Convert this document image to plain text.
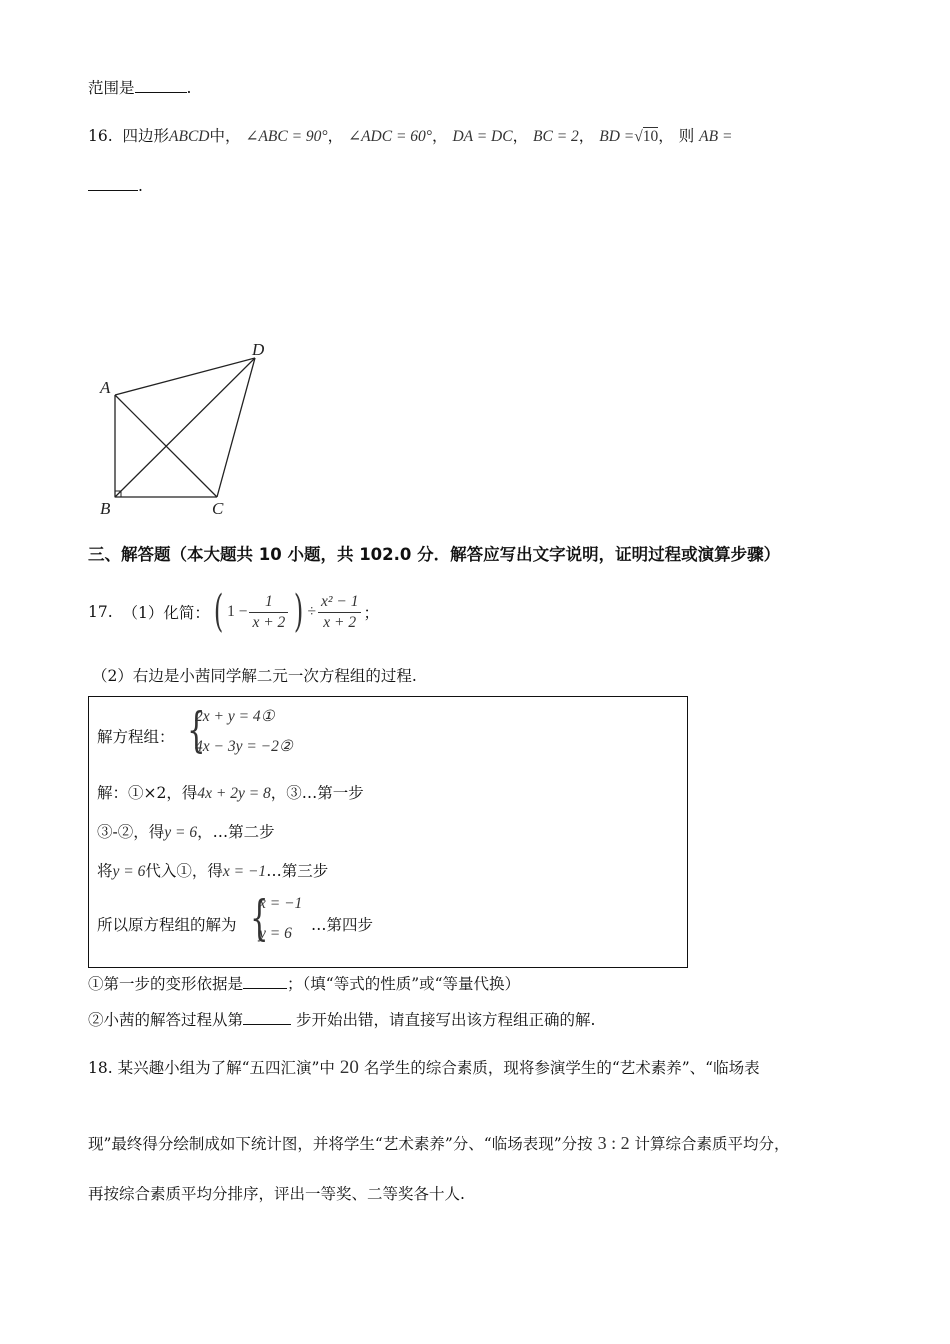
范围是	.
16. 四边形ABCD中， ∠ABC = 90°， ∠ADC = 60°， DA = DC， BC = 2， BD =√10， 则 AB =
.
A
B	C
D
三、解答题（本大题共 10 小题，共 102.0 分．解答应写出文字说明，证明过程或演算步骤）
17.
（1）化简： ( $1 - \frac{1}{x + 2}$ ) ÷ $\frac{\text{x² − 1}}{x + 2}$ ；
（2）右边是小茜同学解二元一次方程组的过程.
解方程组： {
2x + y = 4①
4x − 3y = −2②
解：①×2，得4x + 2y = 8，③…第一步
③-②，得y = 6，…第二步
将y = 6代入①，得x = −1…第三步
所以原方程组的解为 {
x = −1
y = 6 …第四步
①第一步的变形依据是	；（填“等式的性质”或“等量代换）
②小茜的解答过程从第	步开始出错，请直接写出该方程组正确的解.
18. 某兴趣小组为了解“五四汇演”中 20 名学生的综合素质，现将参演学生的“艺术素养”、“临场表
现”最终得分绘制成如下统计图，并将学生“艺术素养”分、“临场表现”分按 3 : 2 计算综合素质平均分，
再按综合素质平均分排序，评出一等奖、二等奖各十人.
